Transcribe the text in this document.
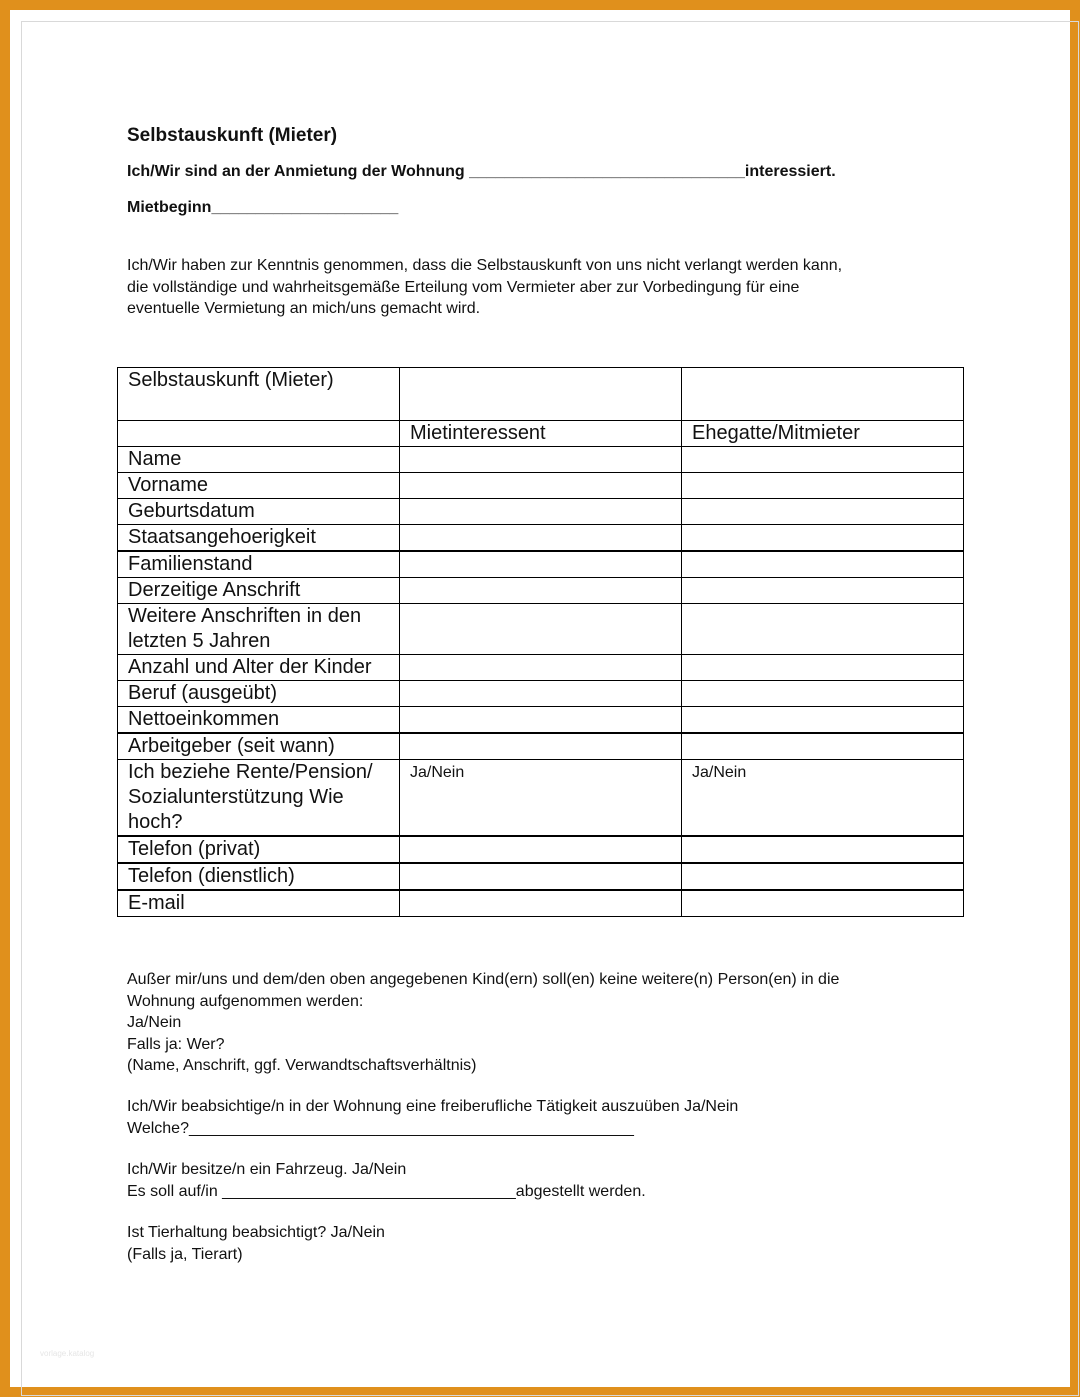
Selbstauskunft (Mieter)
Ich/Wir sind an der Anmietung der Wohnung _______________________________interessiert.
Mietbeginn_____________________
Ich/Wir haben zur Kenntnis genommen, dass die Selbstauskunft von uns nicht verlangt werden kann,
die vollständige und wahrheitsgemäße Erteilung vom Vermieter aber zur Vorbedingung für eine
eventuelle Vermietung an mich/uns gemacht wird.
Selbstauskunft (Mieter)		
	Mietinteressent	Ehegatte/Mitmieter
Name		
Vorname		
Geburtsdatum		
Staatsangehoerigkeit		
Familienstand		
Derzeitige Anschrift		
Weitere Anschriften in den letzten 5 Jahren		
Anzahl und Alter der Kinder		
Beruf (ausgeübt)		
Nettoeinkommen		
Arbeitgeber (seit wann)		
Ich beziehe Rente/Pension/ Sozialunterstützung Wie hoch?	Ja/Nein	Ja/Nein
Telefon (privat)		
Telefon (dienstlich)		
E-mail		
Außer mir/uns und dem/den oben angegebenen Kind(ern) soll(en) keine weitere(n) Person(en) in die
Wohnung aufgenommen werden:
Ja/Nein
Falls ja: Wer?
(Name, Anschrift, ggf. Verwandtschaftsverhältnis)
Ich/Wir beabsichtige/n in der Wohnung eine freiberufliche Tätigkeit auszuüben Ja/Nein
Welche?__________________________________________________
Ich/Wir besitze/n ein Fahrzeug. Ja/Nein
Es soll auf/in _________________________________abgestellt werden.
Ist Tierhaltung beabsichtigt? Ja/Nein
(Falls ja, Tierart)
vorlage.katalog
